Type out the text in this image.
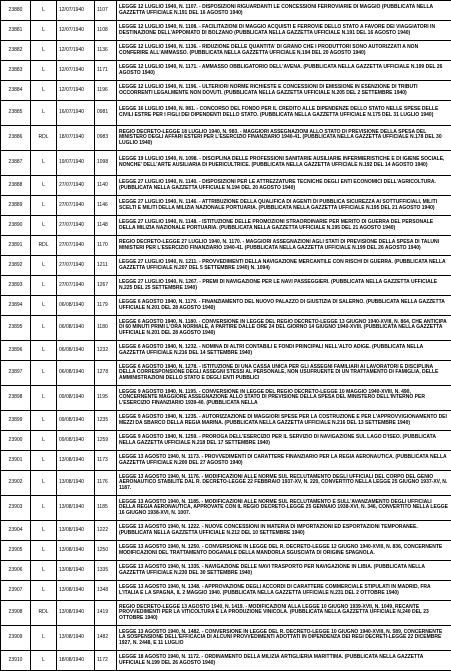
23880	L	12/07/1940	1107	LEGGE 12 LUGLIO 1940, N. 1107. - DISPOSIZIONI RIGUARDANTI LE CONCESSIONI FERROVIARIE DI MAGGIO (PUBBLICATA NELLA GAZZETTA UFFICIALE N.191 DEL 16 AGOSTO 1940)
23881	L	12/07/1940	1108	LEGGE 12 LUGLIO 1940, N. 1108. - FACILITAZIONI DI MAGGIO ACQUISTI E FERROVIE DELLO STATO A FAVORE DEI VIAGGIATORI IN DESTINAZIONE DELL'APPOMATO DI BOLZANO (PUBBLICATA NELLA GAZZETTA UFFICIALE N.191 DEL 16 AGOSTO 1940)
23882	L	12/07/1940	1136	LEGGE 12 LUGLIO 1940, N. 1136. - RIDUZIONE DELLE QUANTITA' DI GRANO CHE I PRODUTTORI SONO AUTORIZZATI A NON CONFERIRE ALL'AMMASSO. (PUBBLICATA NELLA GAZZETTA UFFICIALE N.194 DEL 20 AGOSTO 1940)
23883	L	12/07/1940	1171	LEGGE 12 LUGLIO 1940, N. 1171. - AMMASSO OBBLIGATORIO DELL'AVENA. (PUBBLICATA NELLA GAZZETTA UFFICIALE N.199 DEL 26 AGOSTO 1940)
23884	L	12/07/1940	1196	LEGGE 12 LUGLIO 1940, N. 1196. - ULTERIORI NORME RICHIESTE E CONCESSIONI DI EMISSIONE IN ESENZIONE DI TRIBUTI OCCORRENTI LEGALMENTE NON DOVUTI. (PUBBLICATA NELLA GAZZETTA UFFICIALE N.205 DEL 2 SETTEMBRE 1940)
23885	L	16/07/1940	0981	LEGGE 16 LUGLIO 1940, N. 981. - CONCORSO DEL FONDO PER IL CREDITO ALLE DIPENDENZE DELLO STATO NELLE SPESE DELLE CIVILI ESTRE PER I FIGLI DEI DIPENDENTI DELLO STATO. (PUBBLICATA NELLA GAZZETTA UFFICIALE N.175 DEL 31 LUGLIO 1940)
23886	RDL	18/07/1940	0983	REGIO DECRETO-LEGGE 18 LUGLIO 1940, N. 983. - MAGGIORI ASSEGNAZIONI ALLO STATO DI PREVISIONE DELLA SPESA DEL MINISTERO DEGLI AFFARI ESTERI PER L'ESERCIZIO FINANZIARIO 1940-41. (PUBBLICATA NELLA GAZZETTA UFFICIALE N.178 DEL 30 LUGLIO 1940)
23887	L	19/07/1940	1098	LEGGE 19 LUGLIO 1940, N. 1098. - DISCIPLINA DELLE PROFESSIONI SANITARIE AUSILIARIE INFERMIERISTICHE E DI IGIENE SOCIALE, NONCHE' DELL'ARTE AUSILIARIA DI PUERICULTRICE. (PUBBLICATA NELLA GAZZETTA UFFICIALE N.192 DEL 14 AGOSTO 1940)
23888	L	27/07/1940	1140	LEGGE 27 LUGLIO 1940, N. 1140. - DISPOSIZIONI PER LE ATTREZZATURE TECNICHE DEGLI ENTI ECONOMICI DELL'AGRICOLTURA. (PUBBLICATA NELLA GAZZETTA UFFICIALE N.194 DEL 20 AGOSTO 1940)
23889	L	27/07/1940	1146	LEGGE 27 LUGLIO 1940, N. 1146. - ATTRIBUZIONE DELLA QUALIFICA DI AGENTI DI PUBBLICA SICUREZZA AI SOTTUFFICIALI, MILITI SCELTI E MILITI DELLA MILIZIA NAZIONALE PORTUARIA. (PUBBLICATA NELLA GAZZETTA UFFICIALE N.195 DEL 21 AGOSTO 1940)
23890	L	27/07/1940	1148	LEGGE 27 LUGLIO 1940, N. 1148. - ISTITUZIONE DELLE PROMOZIONI STRAORDINARIE PER MERITO DI GUERRA DEL PERSONALE DELLA MILIZIA NAZIONALE PORTUARIA. (PUBBLICATA NELLA GAZZETTA UFFICIALE N.195 DEL 21 AGOSTO 1940)
23891	RDL	27/07/1940	1170	REGIO DECRETO-LEGGE 27 LUGLIO 1940, N. 1170. - MAGGIORI ASSEGNAZIONI AGLI STATI DI PREVISIONE DELLA SPESA DI TALUNI MINISTERI PER L'ESERCIZIO FINANZIARIO 1940-41. (PUBBLICATA NELLA GAZZETTA UFFICIALE N.199 DEL 26 AGOSTO 1940)
23892	L	27/07/1940	1211	LEGGE 27 LUGLIO 1940, N. 1211. - PROVVEDIMENTI DELLA NAVIGAZIONE MERCANTILE CON RISCHI DI GUERRA. (PUBBLICATA NELLA GAZZETTA UFFICIALE N.207 DEL 5 SETTEMBRE 1940) N. 1094)
23893	L	27/07/1940	1267	LEGGE 27 LUGLIO 1940, N. 1267. - PREMI DI NAVIGAZIONE PER LE NAVI PASSEGGIERI. (PUBBLICATA NELLA GAZZETTA UFFICIALE N.225 DEL 25 SETTEMBRE 1940)
23894	L	06/08/1940	1179	LEGGE 6 AGOSTO 1940, N. 1179. - FINANZIAMENTO DEL NUOVO PALAZZO DI GIUSTIZIA DI SALERNO. (PUBBLICATA NELLA GAZZETTA UFFICIALE N.201 DEL 28 AGOSTO 1940)
23895	L	06/08/1940	1180	LEGGE 6 AGOSTO 1940, N. 1180. - CONVERSIONE IN LEGGE DEL REGIO DECRETO-LEGGE 13 GIUGNO 1940-XVIII, N. 864, CHE ANTICIPA DI 60 MINUTI PRIMI L'ORA NORMALE, A PARTIRE DALLE ORE 24 DEL GIORNO 14 GIUGNO 1940-XVIII. (PUBBLICATA NELLA GAZZETTA UFFICIALE N.201 DEL 28 AGOSTO 1940)
23896	L	06/08/1940	1232	LEGGE 6 AGOSTO 1940, N. 1232. - NOMINA DI ALTRI CONTABILI E FONDI PRINCIPALI NELL'ALTO ADIGE. (PUBBLICATA NELLA GAZZETTA UFFICIALE N.216 DEL 14 SETTEMBRE 1940)
23897	L	06/08/1940	1278	LEGGE 6 AGOSTO 1940, N. 1278. - ISTITUZIONE DI UNA CASSA UNICA PER GLI ASSEGNI FAMILIARI AI LAVORATORI E DISCIPLINA DELLA CORRESPONSIONE DEGLI ASSEGNI STESSI AL PERSONALE, NON USUFRUENTE DI UN TRATTAMENTO DI FAMIGLIA, DELLE AMMINISTRAZIONI DELLO STATO E DEGLI ENTI PUBBLICI
23898	L	09/08/1940	1195	LEGGE 9 AGOSTO 1940, N. 1195. - CONVERSIONE IN LEGGE DEL REGIO DECRETO-LEGGE 10 MAGGIO 1940-XVIII, N. 490, CONCERNENTE MAGGIORE ASSEGNAZIONE ALLO STATO DI PREVISIONE DELLA SPESA DEL MINISTERO DELL'INTERNO PER L'ESERCIZIO FINANZIARIO 1939-40. (PUBBLICATA NELLA
23899	L	09/08/1940	1235	LEGGE 9 AGOSTO 1940, N. 1235. - AUTORIZZAZIONE DI MAGGIORI SPESE PER LA COSTRUZIONE E PER L'APPROVVIGIONAMENTO DEI MEZZI DA SBARCO DELLA REGIA MARINA. (PUBBLICATA NELLA GAZZETTA UFFICIALE N.216 DEL 13 SETTEMBRE 1940)
23900	L	09/08/1940	1259	LEGGE 9 AGOSTO 1940, N. 1259. - PROROGA DELL'ESERCIZIO PER IL SERVIZIO DI NAVIGAZIONE SUL LAGO D'ISEO. (PUBBLICATA NELLA GAZZETTA UFFICIALE N.218 DEL 17 SETTEMBRE 1940)
23901	L	13/08/1940	1173	LEGGE 13 AGOSTO 1940, N. 1173. - PROVVEDIMENTI DI CARATTERE FINANZIARIO PER LA REGIA AERONAUTICA. (PUBBLICATA NELLA GAZZETTA UFFICIALE N.200 DEL 27 AGOSTO 1940)
23902	L	13/08/1940	1176	LEGGE 13 AGOSTO 1940, N. 1176. - MODIFICAZIONI ALLE NORME SUL RECLUTAMENTO DEGLI UFFICIALI DEL CORPO DEL GENIO AERONAUTICO STABILITE DAL R. DECRETO-LEGGE 22 FEBBRAIO 1937-XV, N. 220, CONVERTITO NELLA LEGGE 25 GIUGNO 1937-XV, N. 1187.
23903	L	13/08/1940	1185	LEGGE 13 AGOSTO 1940, N. 1185. - MODIFICAZIONI ALLE NORME SUL RECLUTAMENTO E SULL'AVANZAMENTO DEGLI UFFICIALI DELLA REGIA AERONAUTICA, APPROVATE CON IL REGIO DECRETO-LEGGE 25 GENNAIO 1938-XVI, N. 346, CONVERTITO NELLA LEGGE 16 GIUGNO 1938-XVI, N. 1007.
23904	L	13/08/1940	1222	LEGGE 13 AGOSTO 1940, N. 1222. - NUOVE CONCESSIONI IN MATERIA DI IMPORTAZIONI ED ESPORTAZIONI TEMPORANEE. (PUBBLICATA NELLA GAZZETTA UFFICIALE N.212 DEL 10 SETTEMBRE 1940)
23905	L	13/08/1940	1250	LEGGE 13 AGOSTO 1940, N. 1250. - CONVERSIONE IN LEGGE DEL R. DECRETO-LEGGE 12 GIUGNO 1940-XVIII, N. 836, CONCERNENTE MODIFICAZIONI DEL TRATTAMENTO DOGANALE DELLA MANDORLA SGUSCIATA DI ORIGINE SPAGNOLA.
23906	L	13/08/1940	1335	LEGGE 13 AGOSTO 1940, N. 1335. - NAVIGAZIONE DELLE NAVI TRASPORTO PER NAVIGAZIONE IN LIBIA. (PUBBLICATA NELLA GAZZETTA UFFICIALE N.230 DEL 30 SETTEMBRE 1940)
23907	L	13/08/1940	1348	LEGGE 13 AGOSTO 1940, N. 1348. - APPROVAZIONE DEGLI ACCORDI DI CARATTERE COMMERCIALE STIPULATI IN MADRID, FRA L'ITALIA E LA SPAGNA, IL 2 MAGGIO 1940. (PUBBLICATA NELLA GAZZETTA UFFICIALE N.231 DEL 2 OTTOBRE 1940)
23908	RDL	13/08/1940	1419	REGIO DECRETO-LEGGE 13 AGOSTO 1940, N. 1419. - MODIFICAZIONI ALLA LEGGE 10 GIUGNO 1939-XVII, N. 1049, RECANTE PROVVEDIMENTI PER LA VITICOLTURA E LA PRODUZIONE VINICOLA. (PUBBLICATA NELLA GAZZETTA UFFICIALE N.240 DEL 23 OTTOBRE 1940)
23909	L	13/08/1940	1482	LEGGE 13 AGOSTO 1940, N. 1482. - CONVERSIONE IN LEGGE DEL R. DECRETO-LEGGE 10 GIUGNO 1940-XVIII, N. 589, CONCERNENTE LA SOSPENSIONE DELL'EFFICACIA DI ALCUNI PROVVEDIMENTI ADOTTATI IN DIPENDENZA DEI REGI DECRETI-LEGGE 22 DICEMBRE 1927, N. 2448, E 11 LUGLIO
23910	L	18/08/1940	1172	LEGGE 18 AGOSTO 1940, N. 1172. - ORDINAMENTO DELLA MILIZIA ARTIGLIERIA MARITTIMA. (PUBBLICATA NELLA GAZZETTA UFFICIALE N.199 DEL 26 AGOSTO 1940)
